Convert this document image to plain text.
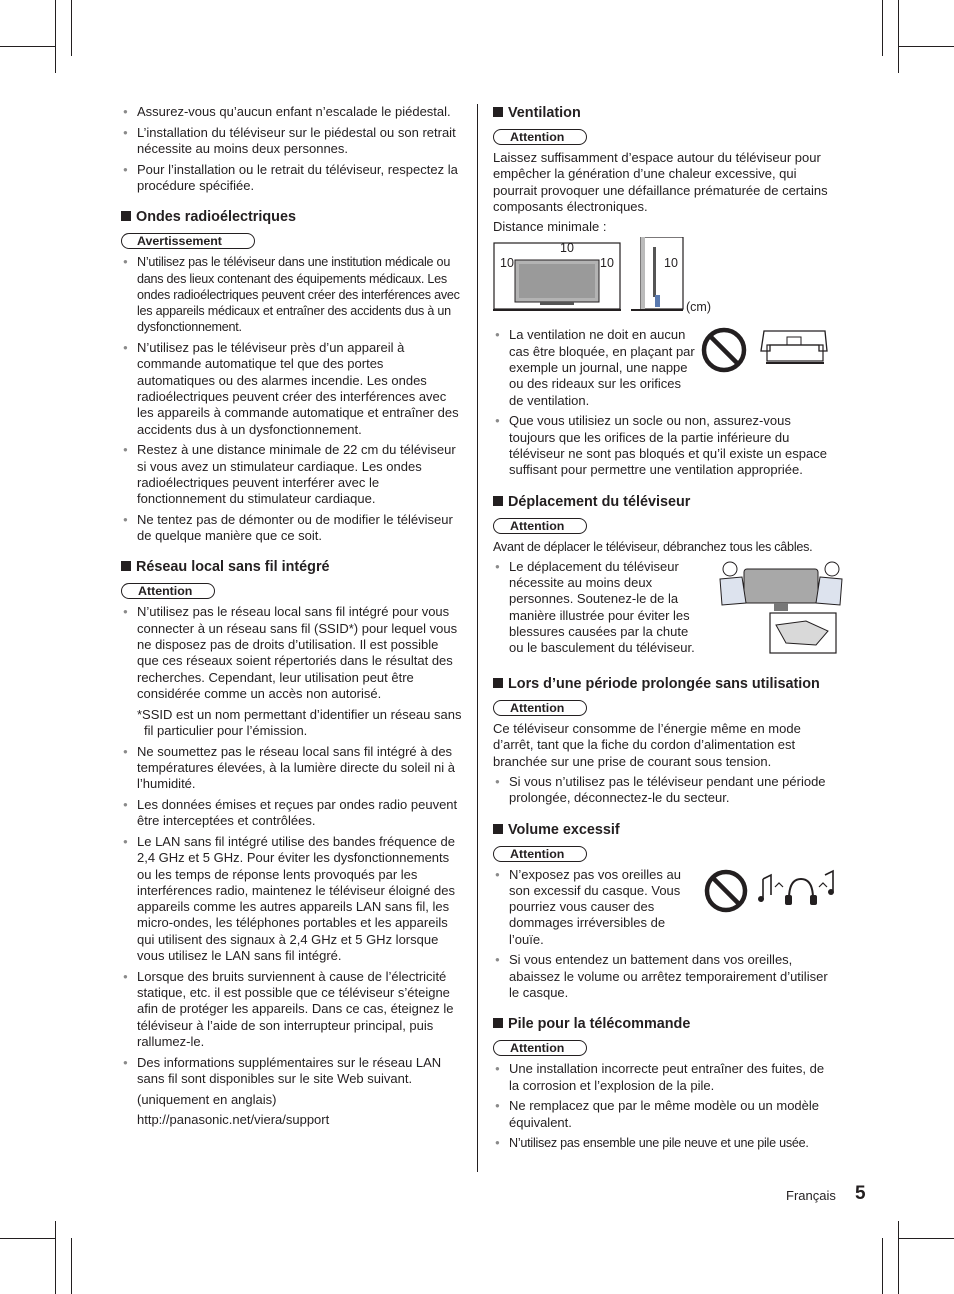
● Assurez-vous qu’aucun enfant n’escalade le piédestal.

● L’installation du téléviseur sur le piédestal ou son retrait nécessite au moins deux personnes.

● Pour l’installation ou le retrait du téléviseur, respectez la procédure spécifiée.

Ondes radioélectriques
Avertissement

● N’utilisez pas le téléviseur dans une institution médicale ou dans des lieux contenant des équipements médicaux. Les ondes radioélectriques peuvent créer des interférences avec les appareils médicaux et entraîner des accidents dus à un dysfonctionnement.

● N’utilisez pas le téléviseur près d’un appareil à commande automatique tel que des portes automatiques ou des alarmes incendie. Les ondes radioélectriques peuvent créer des interférences avec les appareils à commande automatique et entraîner des accidents dus à un dysfonctionnement.

● Restez à une distance minimale de 22 cm du téléviseur si vous avez un stimulateur cardiaque. Les ondes radioélectriques peuvent interférer avec le fonctionnement du stimulateur cardiaque.

● Ne tentez pas de démonter ou de modifier le téléviseur de quelque manière que ce soit.

Réseau local sans fil intégré
Attention

● N’utilisez pas le réseau local sans fil intégré pour vous connecter à un réseau sans fil (SSID*) pour lequel vous ne disposez pas de droits d’utilisation. Il est possible que ces réseaux soient répertoriés dans le résultat des recherches. Cependant, leur utilisation peut être considérée comme un accès non autorisé.

*SSID est un nom permettant d’identifier un réseau sans fil particulier pour l’émission.

● Ne soumettez pas le réseau local sans fil intégré à des températures élevées, à la lumière directe du soleil ni à l’humidité.

● Les données émises et reçues par ondes radio peuvent être interceptées et contrôlées.

● Le LAN sans fil intégré utilise des bandes fréquence de 2,4 GHz et 5 GHz. Pour éviter les dysfonctionnements ou les temps de réponse lents provoqués par les interférences radio, maintenez le téléviseur éloigné des appareils comme les autres appareils LAN sans fil, les micro-ondes, les téléphones portables et les appareils qui utilisent des signaux à 2,4 GHz et 5 GHz lorsque vous utilisez le LAN sans fil intégré.

● Lorsque des bruits surviennent à cause de l’électricité statique, etc. il est possible que ce téléviseur s’éteigne afin de protéger les appareils. Dans ce cas, éteignez le téléviseur à l’aide de son interrupteur principal, puis rallumez-le.

● Des informations supplémentaires sur le réseau LAN sans fil sont disponibles sur le site Web suivant.

(uniquement en anglais)

http://panasonic.net/viera/support

Ventilation
Attention

Laissez suffisamment d’espace autour du téléviseur pour empêcher la génération d’une chaleur excessive, qui pourrait provoquer une défaillance prématurée de certains composants électroniques.

Distance minimale :

10
10	10	10
(cm)

● La ventilation ne doit en aucun cas être bloquée, en plaçant par exemple un journal, une nappe ou des rideaux sur les orifices de ventilation.

● Que vous utilisiez un socle ou non, assurez-vous toujours que les orifices de la partie inférieure du téléviseur ne sont pas bloqués et qu’il existe un espace suffisant pour permettre une ventilation appropriée.

Déplacement du téléviseur
Attention

Avant de déplacer le téléviseur, débranchez tous les câbles.

● Le déplacement du téléviseur nécessite au moins deux personnes. Soutenez-le de la manière illustrée pour éviter les blessures causées par la chute ou le basculement du téléviseur.

Lors d’une période prolongée sans utilisation
Attention

Ce téléviseur consomme de l’énergie même en mode d’arrêt, tant que la fiche du cordon d’alimentation est branchée sur une prise de courant sous tension.

● Si vous n’utilisez pas le téléviseur pendant une période prolongée, déconnectez-le du secteur.

Volume excessif
Attention

● N’exposez pas vos oreilles au son excessif du casque. Vous pourriez vous causer des dommages irréversibles de l’ouïe.

● Si vous entendez un battement dans vos oreilles, abaissez le volume ou arrêtez temporairement d’utiliser le casque.

Pile pour la télécommande
Attention

● Une installation incorrecte peut entraîner des fuites, de la corrosion et l’explosion de la pile.

● Ne remplacez que par le même modèle ou un modèle équivalent.

● N’utilisez pas ensemble une pile neuve et une pile usée.

Français 5
